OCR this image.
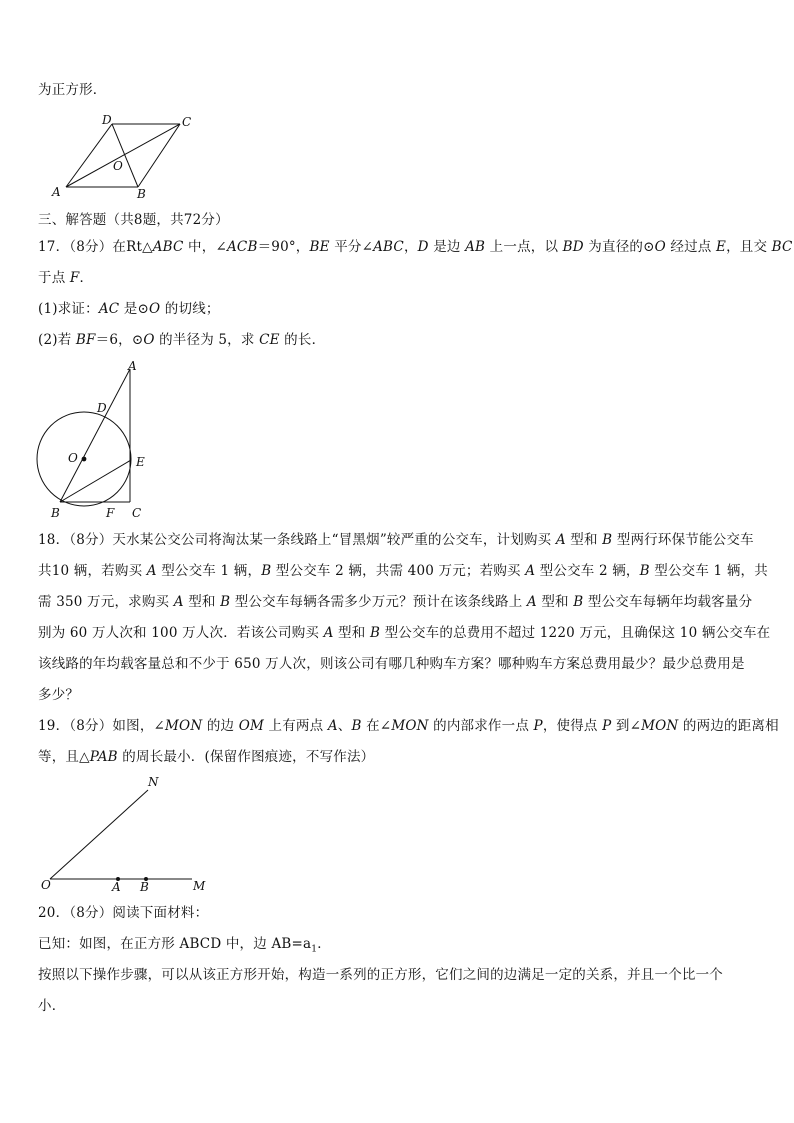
为正方形．
D	C
O
A	B
三、解答题（共8题，共72分）
17．（8分）在Rt△ABC 中，∠ACB＝90°，BE 平分∠ABC，D 是边 AB 上一点，以 BD 为直径的⊙O 经过点 E，且交 BC
于点 F．
(1)求证：AC 是⊙O 的切线；
(2)若 BF＝6，⊙O 的半径为 5，求 CE 的长．
A
D
O	E
B	F C
18．（8分）天水某公交公司将淘汰某一条线路上“冒黑烟”较严重的公交车，计划购买 A 型和 B 型两行环保节能公交车
共10 辆，若购买 A 型公交车 1 辆，B 型公交车 2 辆，共需 400 万元；若购买 A 型公交车 2 辆，B 型公交车 1 辆，共
需 350 万元，求购买 A 型和 B 型公交车每辆各需多少万元？预计在该条线路上 A 型和 B 型公交车每辆年均载客量分
别为 60 万人次和 100 万人次．若该公司购买 A 型和 B 型公交车的总费用不超过 1220 万元，且确保这 10 辆公交车在
该线路的年均载客量总和不少于 650 万人次，则该公司有哪几种购车方案？哪种购车方案总费用最少？最少总费用是
多少？
19．（8分）如图，∠MON 的边 OM 上有两点 A、B 在∠MON 的内部求作一点 P，使得点 P 到∠MON 的两边的距离相
等，且△PAB 的周长最小．(保留作图痕迹，不写作法）
N
O	A B	M
20．（8分）阅读下面材料：
已知：如图，在正方形 ABCD 中，边 $AB=a_1$．
按照以下操作步骤，可以从该正方形开始，构造一系列的正方形，它们之间的边满足一定的关系，并且一个比一个
小．
